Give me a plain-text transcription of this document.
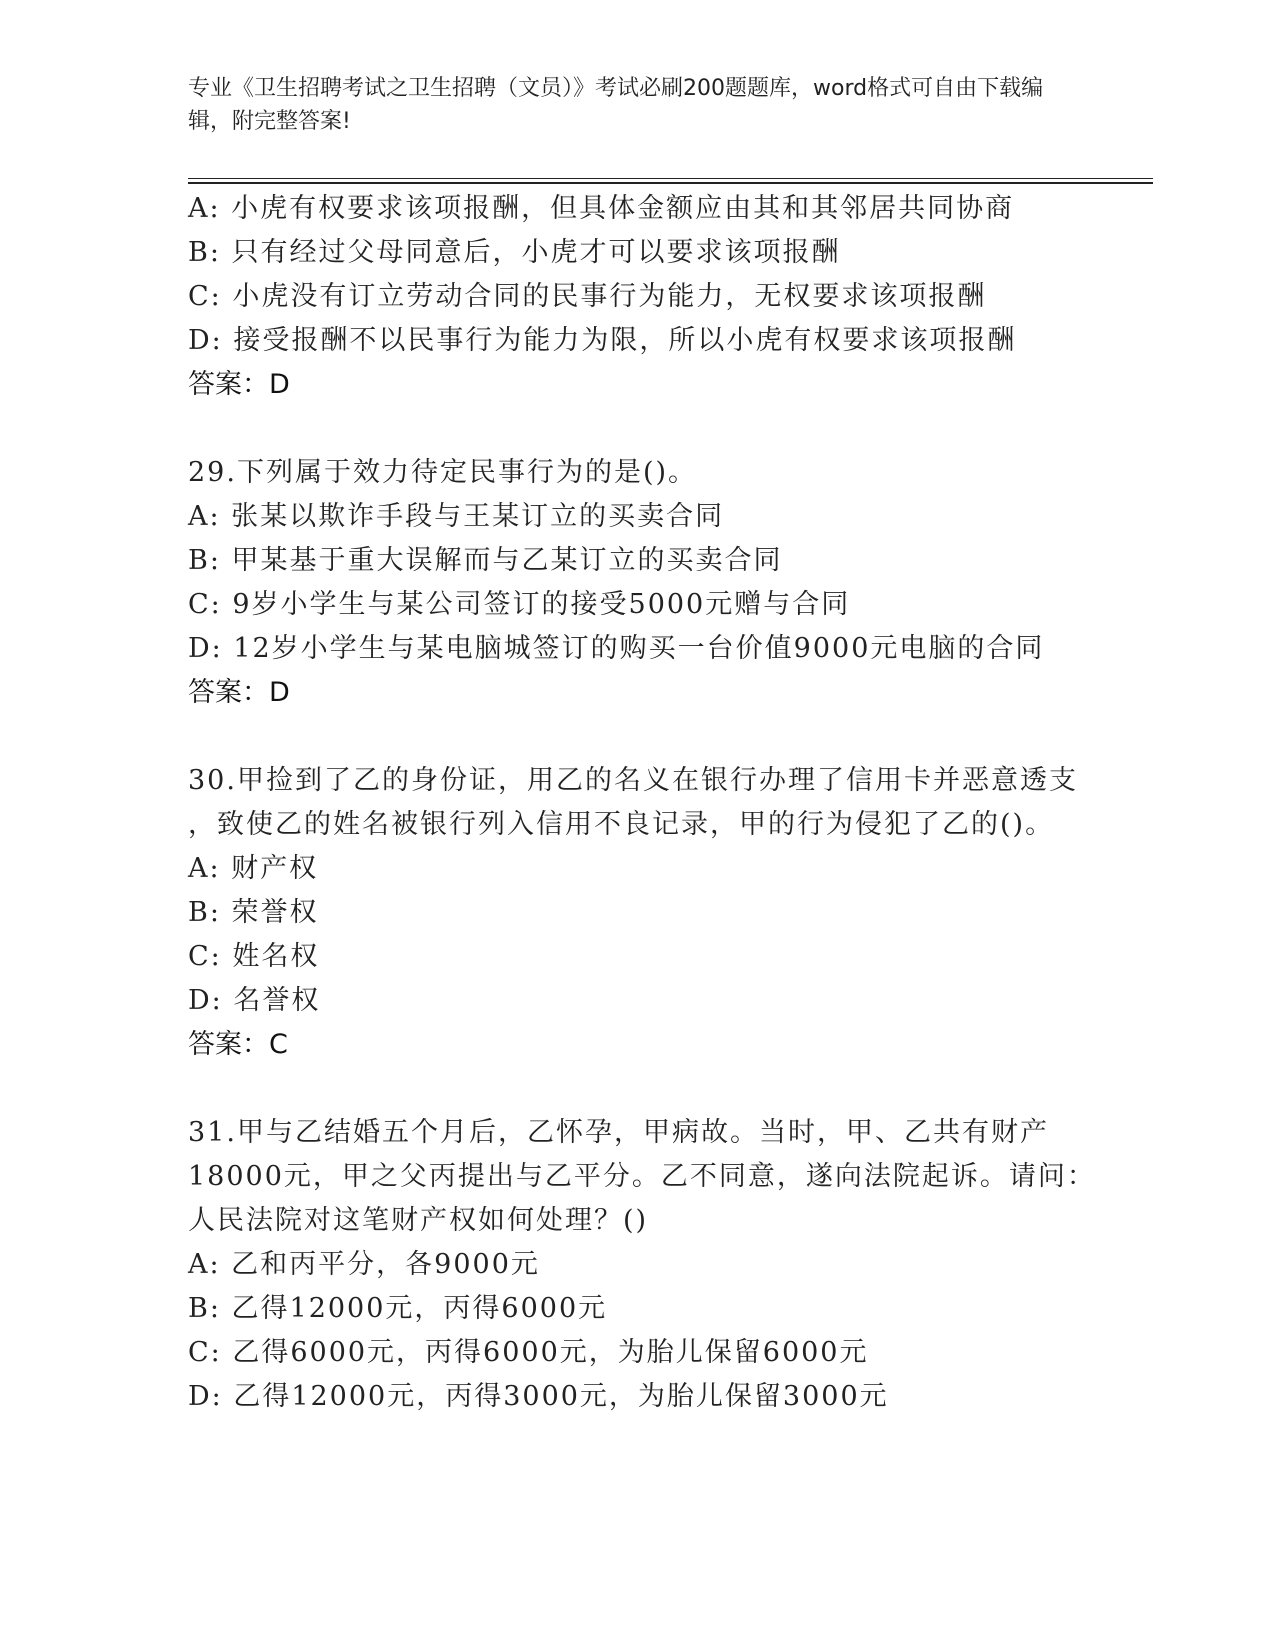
专业《卫生招聘考试之卫生招聘（文员）》考试必刷200题题库，word格式可自由下载编辑，附完整答案!
A: 小虎有权要求该项报酬，但具体金额应由其和其邻居共同协商
B: 只有经过父母同意后，小虎才可以要求该项报酬
C: 小虎没有订立劳动合同的民事行为能力，无权要求该项报酬
D: 接受报酬不以民事行为能力为限，所以小虎有权要求该项报酬
答案：D
29.下列属于效力待定民事行为的是()。
A: 张某以欺诈手段与王某订立的买卖合同
B: 甲某基于重大误解而与乙某订立的买卖合同
C: 9岁小学生与某公司签订的接受5000元赠与合同
D: 12岁小学生与某电脑城签订的购买一台价值9000元电脑的合同
答案：D
30.甲捡到了乙的身份证，用乙的名义在银行办理了信用卡并恶意透支
，致使乙的姓名被银行列入信用不良记录，甲的行为侵犯了乙的()。
A: 财产权
B: 荣誉权
C: 姓名权
D: 名誉权
答案：C
31.甲与乙结婚五个月后，乙怀孕，甲病故。当时，甲、乙共有财产
18000元，甲之父丙提出与乙平分。乙不同意，遂向法院起诉。请问：
人民法院对这笔财产权如何处理？()
A: 乙和丙平分，各9000元
B: 乙得12000元，丙得6000元
C: 乙得6000元，丙得6000元，为胎儿保留6000元
D: 乙得12000元，丙得3000元，为胎儿保留3000元
